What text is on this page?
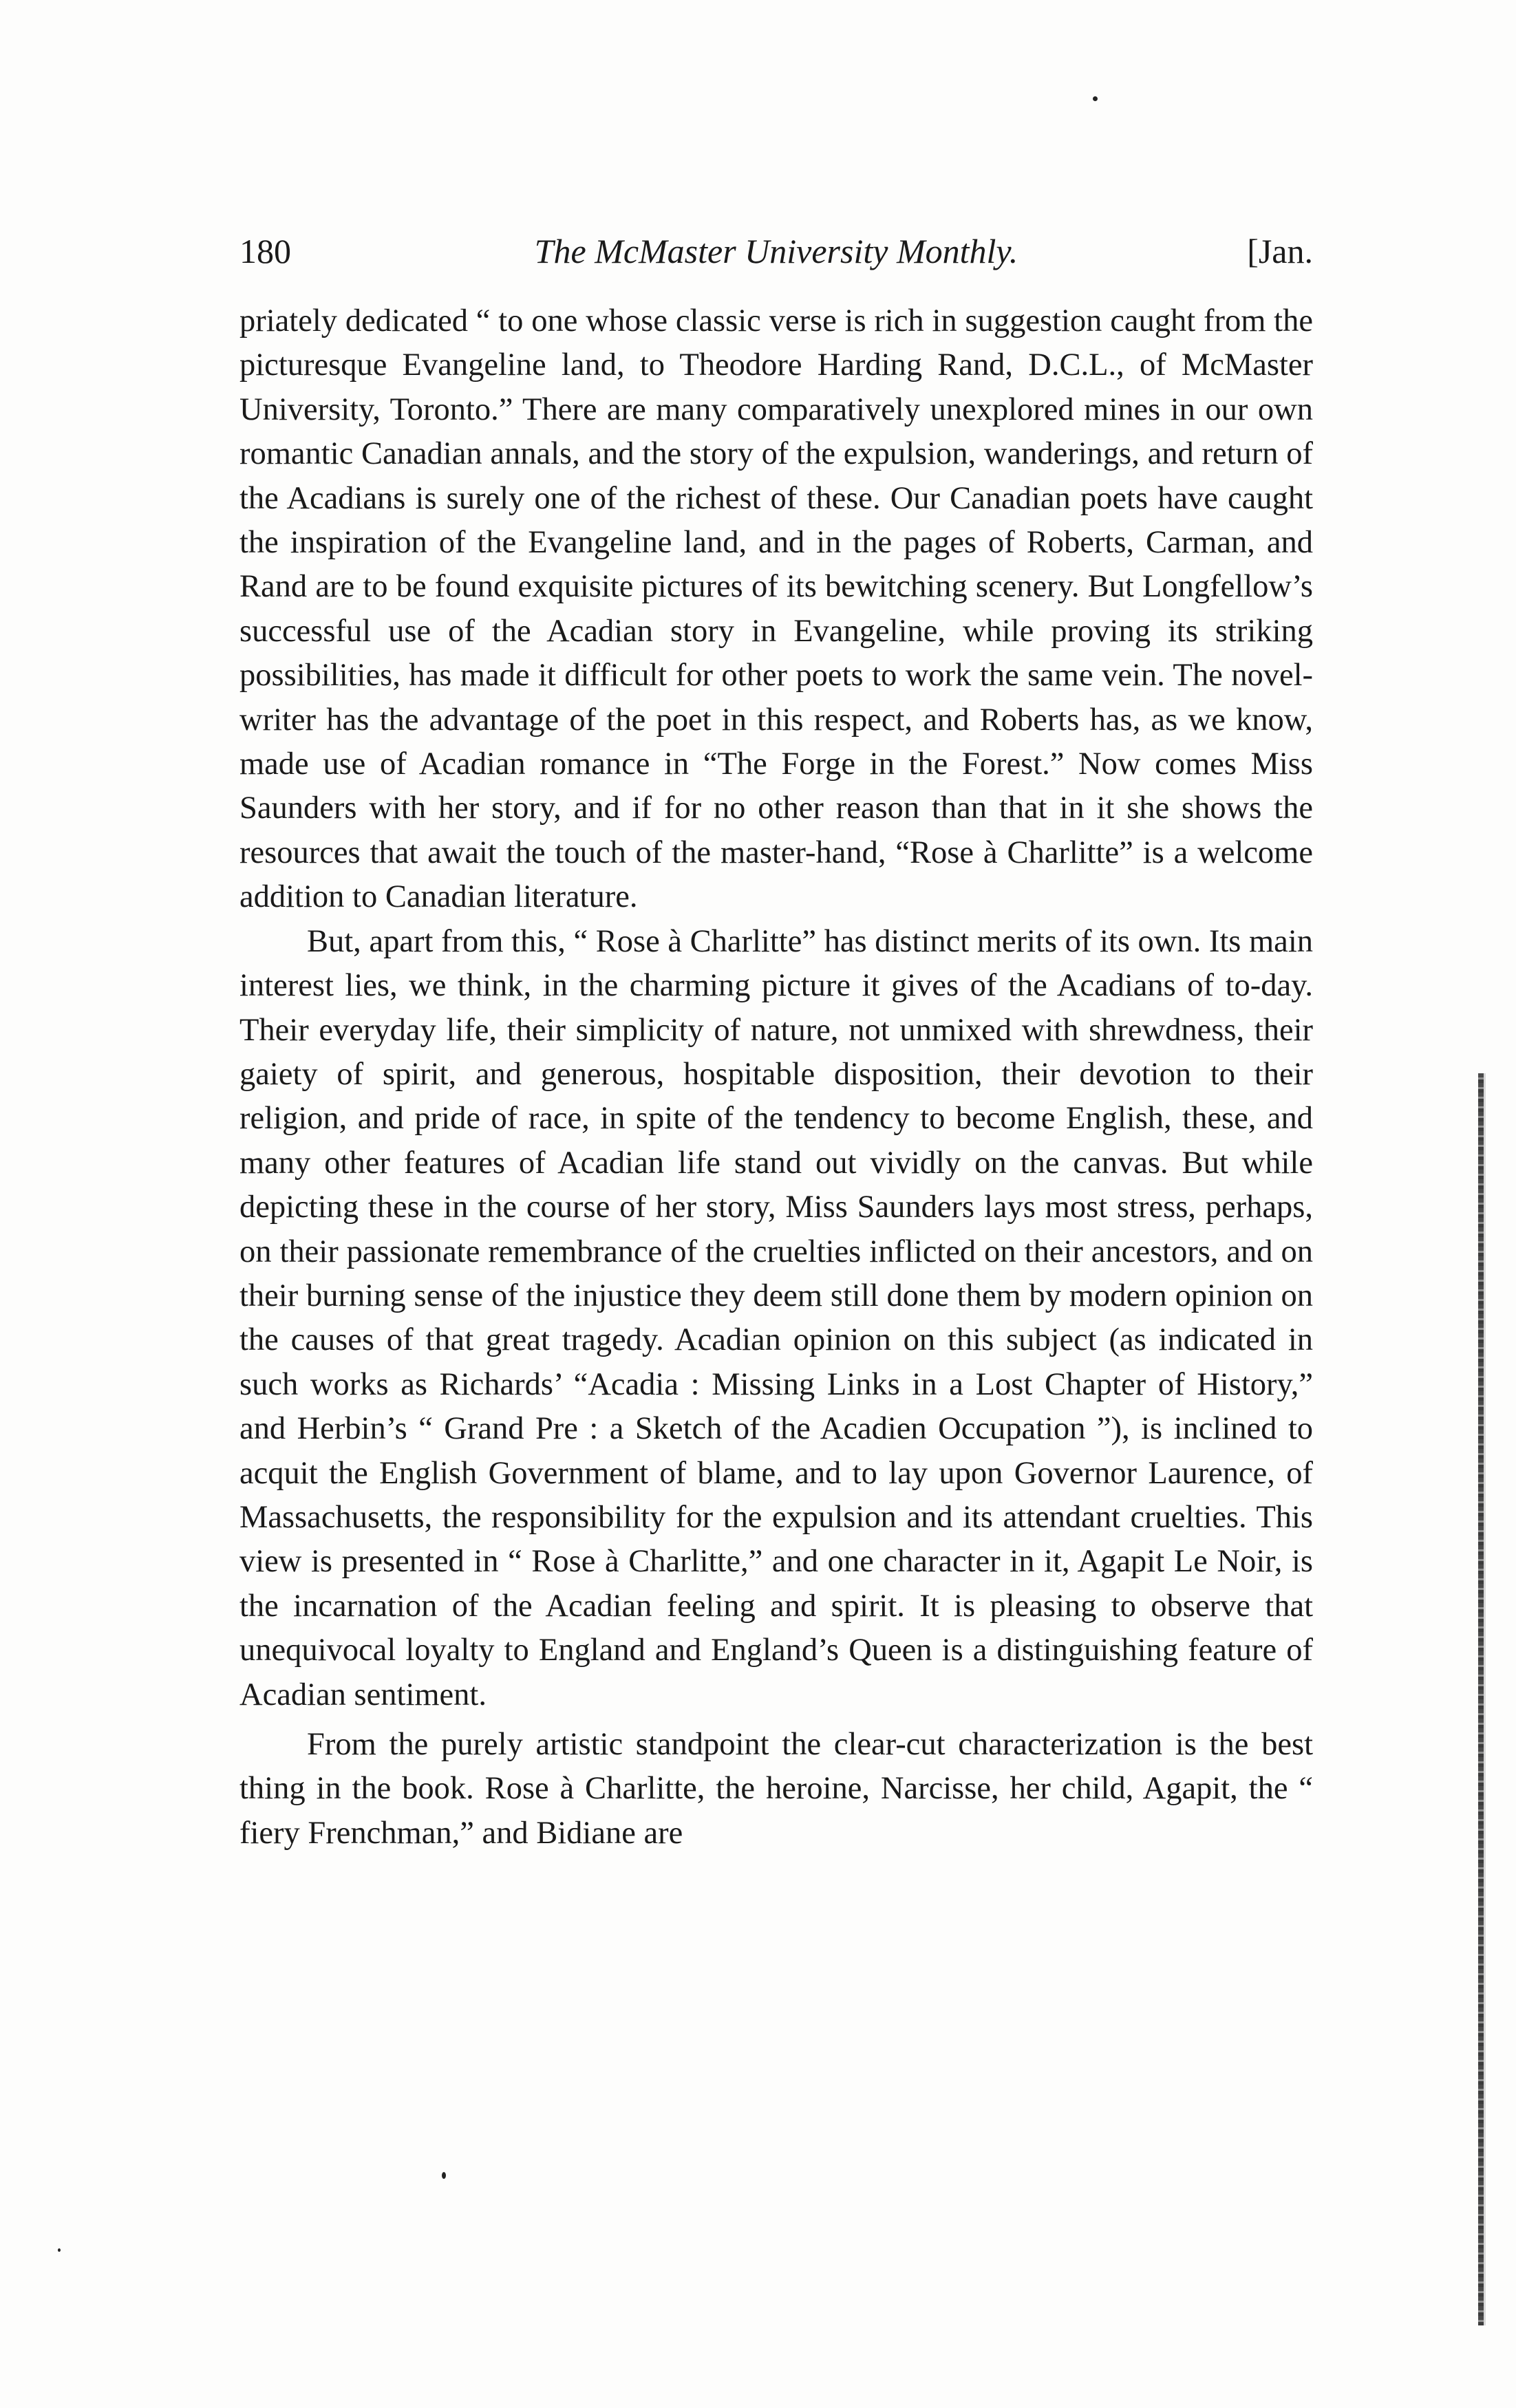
180	The McMaster University Monthly.	[Jan.

priately dedicated “ to one whose classic verse is rich in suggestion caught from the picturesque Evangeline land, to Theodore Harding Rand, D.C.L., of McMaster University, Toronto.” There are many comparatively unexplored mines in our own romantic Canadian annals, and the story of the expulsion, wanderings, and return of the Acadians is surely one of the richest of these. Our Canadian poets have caught the inspiration of the Evangeline land, and in the pages of Roberts, Carman, and Rand are to be found exquisite pictures of its bewitching scenery. But Longfellow’s successful use of the Acadian story in Evangeline, while proving its striking possibilities, has made it difficult for other poets to work the same vein. The novel-writer has the advantage of the poet in this respect, and Roberts has, as we know, made use of Acadian romance in “The Forge in the Forest.” Now comes Miss Saunders with her story, and if for no other reason than that in it she shows the resources that await the touch of the master-hand, “Rose à Charlitte” is a welcome addition to Canadian literature.

But, apart from this, “ Rose à Charlitte” has distinct merits of its own. Its main interest lies, we think, in the charming picture it gives of the Acadians of to-day. Their everyday life, their simplicity of nature, not unmixed with shrewdness, their gaiety of spirit, and generous, hospitable disposition, their devotion to their religion, and pride of race, in spite of the tendency to become English, these, and many other features of Acadian life stand out vividly on the canvas. But while depicting these in the course of her story, Miss Saunders lays most stress, perhaps, on their passionate remembrance of the cruelties inflicted on their ancestors, and on their burning sense of the injustice they deem still done them by modern opinion on the causes of that great tragedy. Acadian opinion on this subject (as indicated in such works as Richards’ “Acadia : Missing Links in a Lost Chapter of History,” and Herbin’s “ Grand Pre : a Sketch of the Acadien Occupation ”), is inclined to acquit the English Government of blame, and to lay upon Governor Laurence, of Massachusetts, the responsibility for the expulsion and its attendant cruelties. This view is presented in “ Rose à Charlitte,” and one character in it, Agapit Le Noir, is the incarnation of the Acadian feeling and spirit. It is pleasing to observe that unequivocal loyalty to England and England’s Queen is a distinguishing feature of Acadian sentiment.

From the purely artistic standpoint the clear-cut characterization is the best thing in the book. Rose à Charlitte, the heroine, Narcisse, her child, Agapit, the “ fiery Frenchman,” and Bidiane are
